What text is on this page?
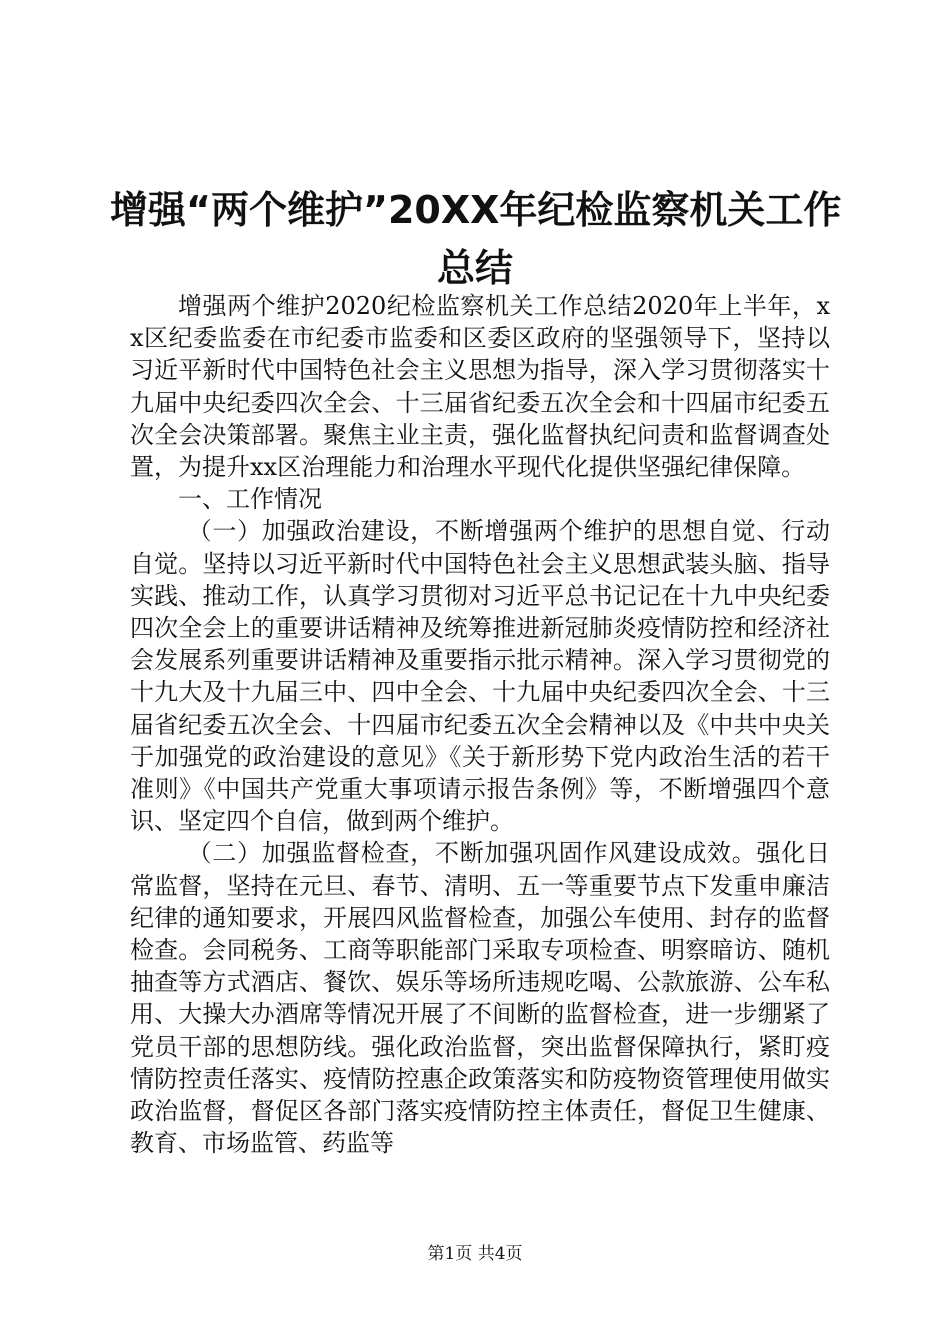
增强“两个维护”20XX年纪检监察机关工作
总结

增强两个维护2020纪检监察机关工作总结2020年上半年，xx区纪委监委在市纪委市监委和区委区政府的坚强领导下，坚持以习近平新时代中国特色社会主义思想为指导，深入学习贯彻落实十九届中央纪委四次全会、十三届省纪委五次全会和十四届市纪委五次全会决策部署。聚焦主业主责，强化监督执纪问责和监督调查处置，为提升xx区治理能力和治理水平现代化提供坚强纪律保障。

一、工作情况

（一）加强政治建设，不断增强两个维护的思想自觉、行动自觉。坚持以习近平新时代中国特色社会主义思想武装头脑、指导实践、推动工作，认真学习贯彻对习近平总书记记在十九中央纪委四次全会上的重要讲话精神及统筹推进新冠肺炎疫情防控和经济社会发展系列重要讲话精神及重要指示批示精神。深入学习贯彻党的十九大及十九届三中、四中全会、十九届中央纪委四次全会、十三届省纪委五次全会、十四届市纪委五次全会精神以及《中共中央关于加强党的政治建设的意见》《关于新形势下党内政治生活的若干准则》《中国共产党重大事项请示报告条例》等，不断增强四个意识、坚定四个自信，做到两个维护。

（二）加强监督检查，不断加强巩固作风建设成效。强化日常监督，坚持在元旦、春节、清明、五一等重要节点下发重申廉洁纪律的通知要求，开展四风监督检查，加强公车使用、封存的监督检查。会同税务、工商等职能部门采取专项检查、明察暗访、随机抽查等方式酒店、餐饮、娱乐等场所违规吃喝、公款旅游、公车私用、大操大办酒席等情况开展了不间断的监督检查，进一步绷紧了党员干部的思想防线。强化政治监督，突出监督保障执行，紧盯疫情防控责任落实、疫情防控惠企政策落实和防疫物资管理使用做实政治监督，督促区各部门落实疫情防控主体责任，督促卫生健康、教育、市场监管、药监等

第1页 共4页
